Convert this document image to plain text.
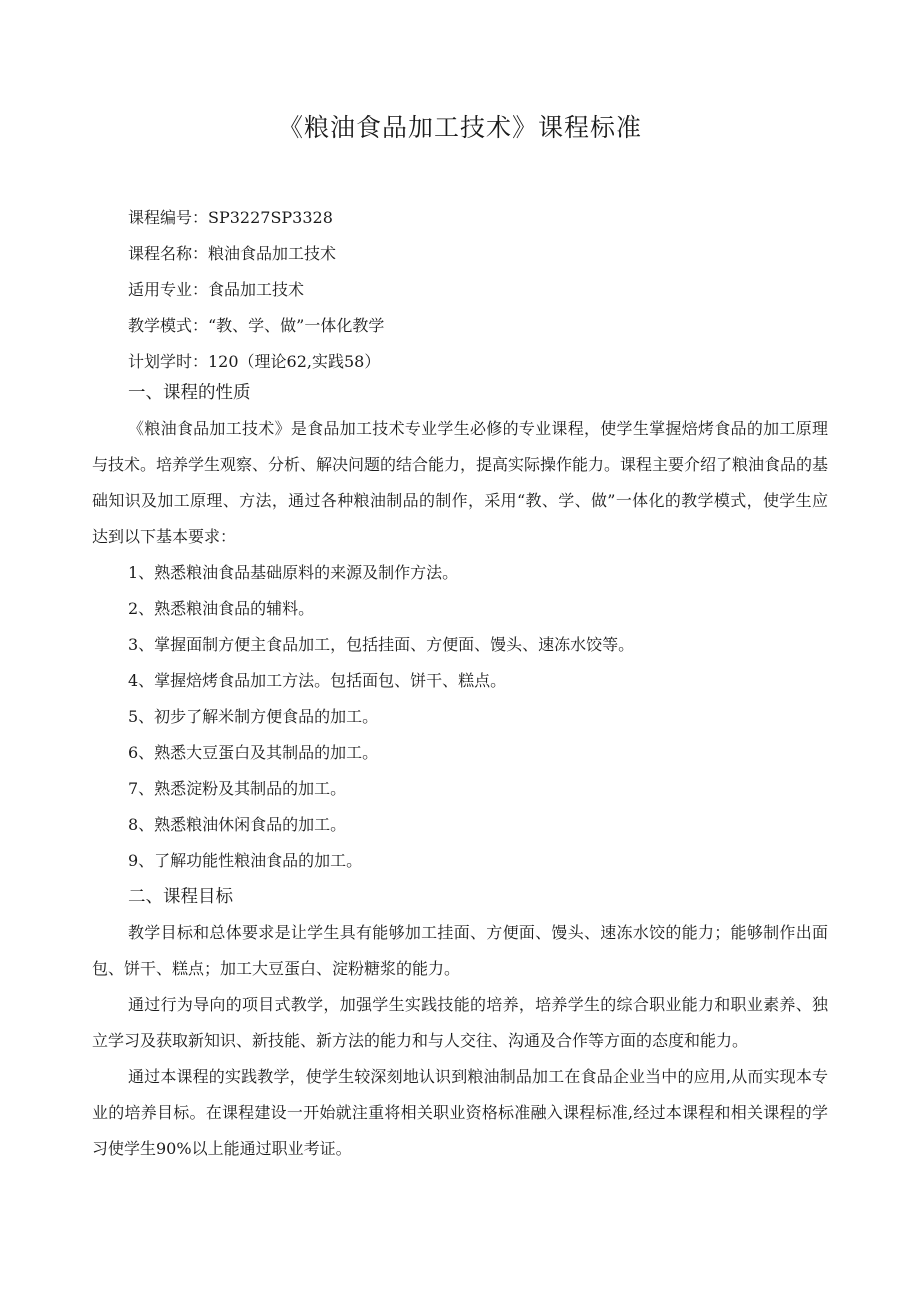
《粮油食品加工技术》课程标准
课程编号：SP3227SP3328
课程名称：粮油食品加工技术
适用专业：食品加工技术
教学模式：“教、学、做”一体化教学
计划学时：120（理论62,实践58）
一、课程的性质

《粮油食品加工技术》是食品加工技术专业学生必修的专业课程，使学生掌握焙烤食品的加工原理与技术。培养学生观察、分析、解决问题的结合能力，提高实际操作能力。课程主要介绍了粮油食品的基础知识及加工原理、方法，通过各种粮油制品的制作，采用“教、学、做”一体化的教学模式，使学生应达到以下基本要求：

1、熟悉粮油食品基础原料的来源及制作方法。
2、熟悉粮油食品的辅料。
3、掌握面制方便主食品加工，包括挂面、方便面、馒头、速冻水饺等。
4、掌握焙烤食品加工方法。包括面包、饼干、糕点。
5、初步了解米制方便食品的加工。
6、熟悉大豆蛋白及其制品的加工。
7、熟悉淀粉及其制品的加工。
8、熟悉粮油休闲食品的加工。
9、了解功能性粮油食品的加工。
二、课程目标

教学目标和总体要求是让学生具有能够加工挂面、方便面、馒头、速冻水饺的能力；能够制作出面包、饼干、糕点；加工大豆蛋白、淀粉糖浆的能力。

通过行为导向的项目式教学，加强学生实践技能的培养，培养学生的综合职业能力和职业素养、独立学习及获取新知识、新技能、新方法的能力和与人交往、沟通及合作等方面的态度和能力。

通过本课程的实践教学，使学生较深刻地认识到粮油制品加工在食品企业当中的应用,从而实现本专业的培养目标。在课程建设一开始就注重将相关职业资格标准融入课程标准,经过本课程和相关课程的学习使学生90%以上能通过职业考证。
